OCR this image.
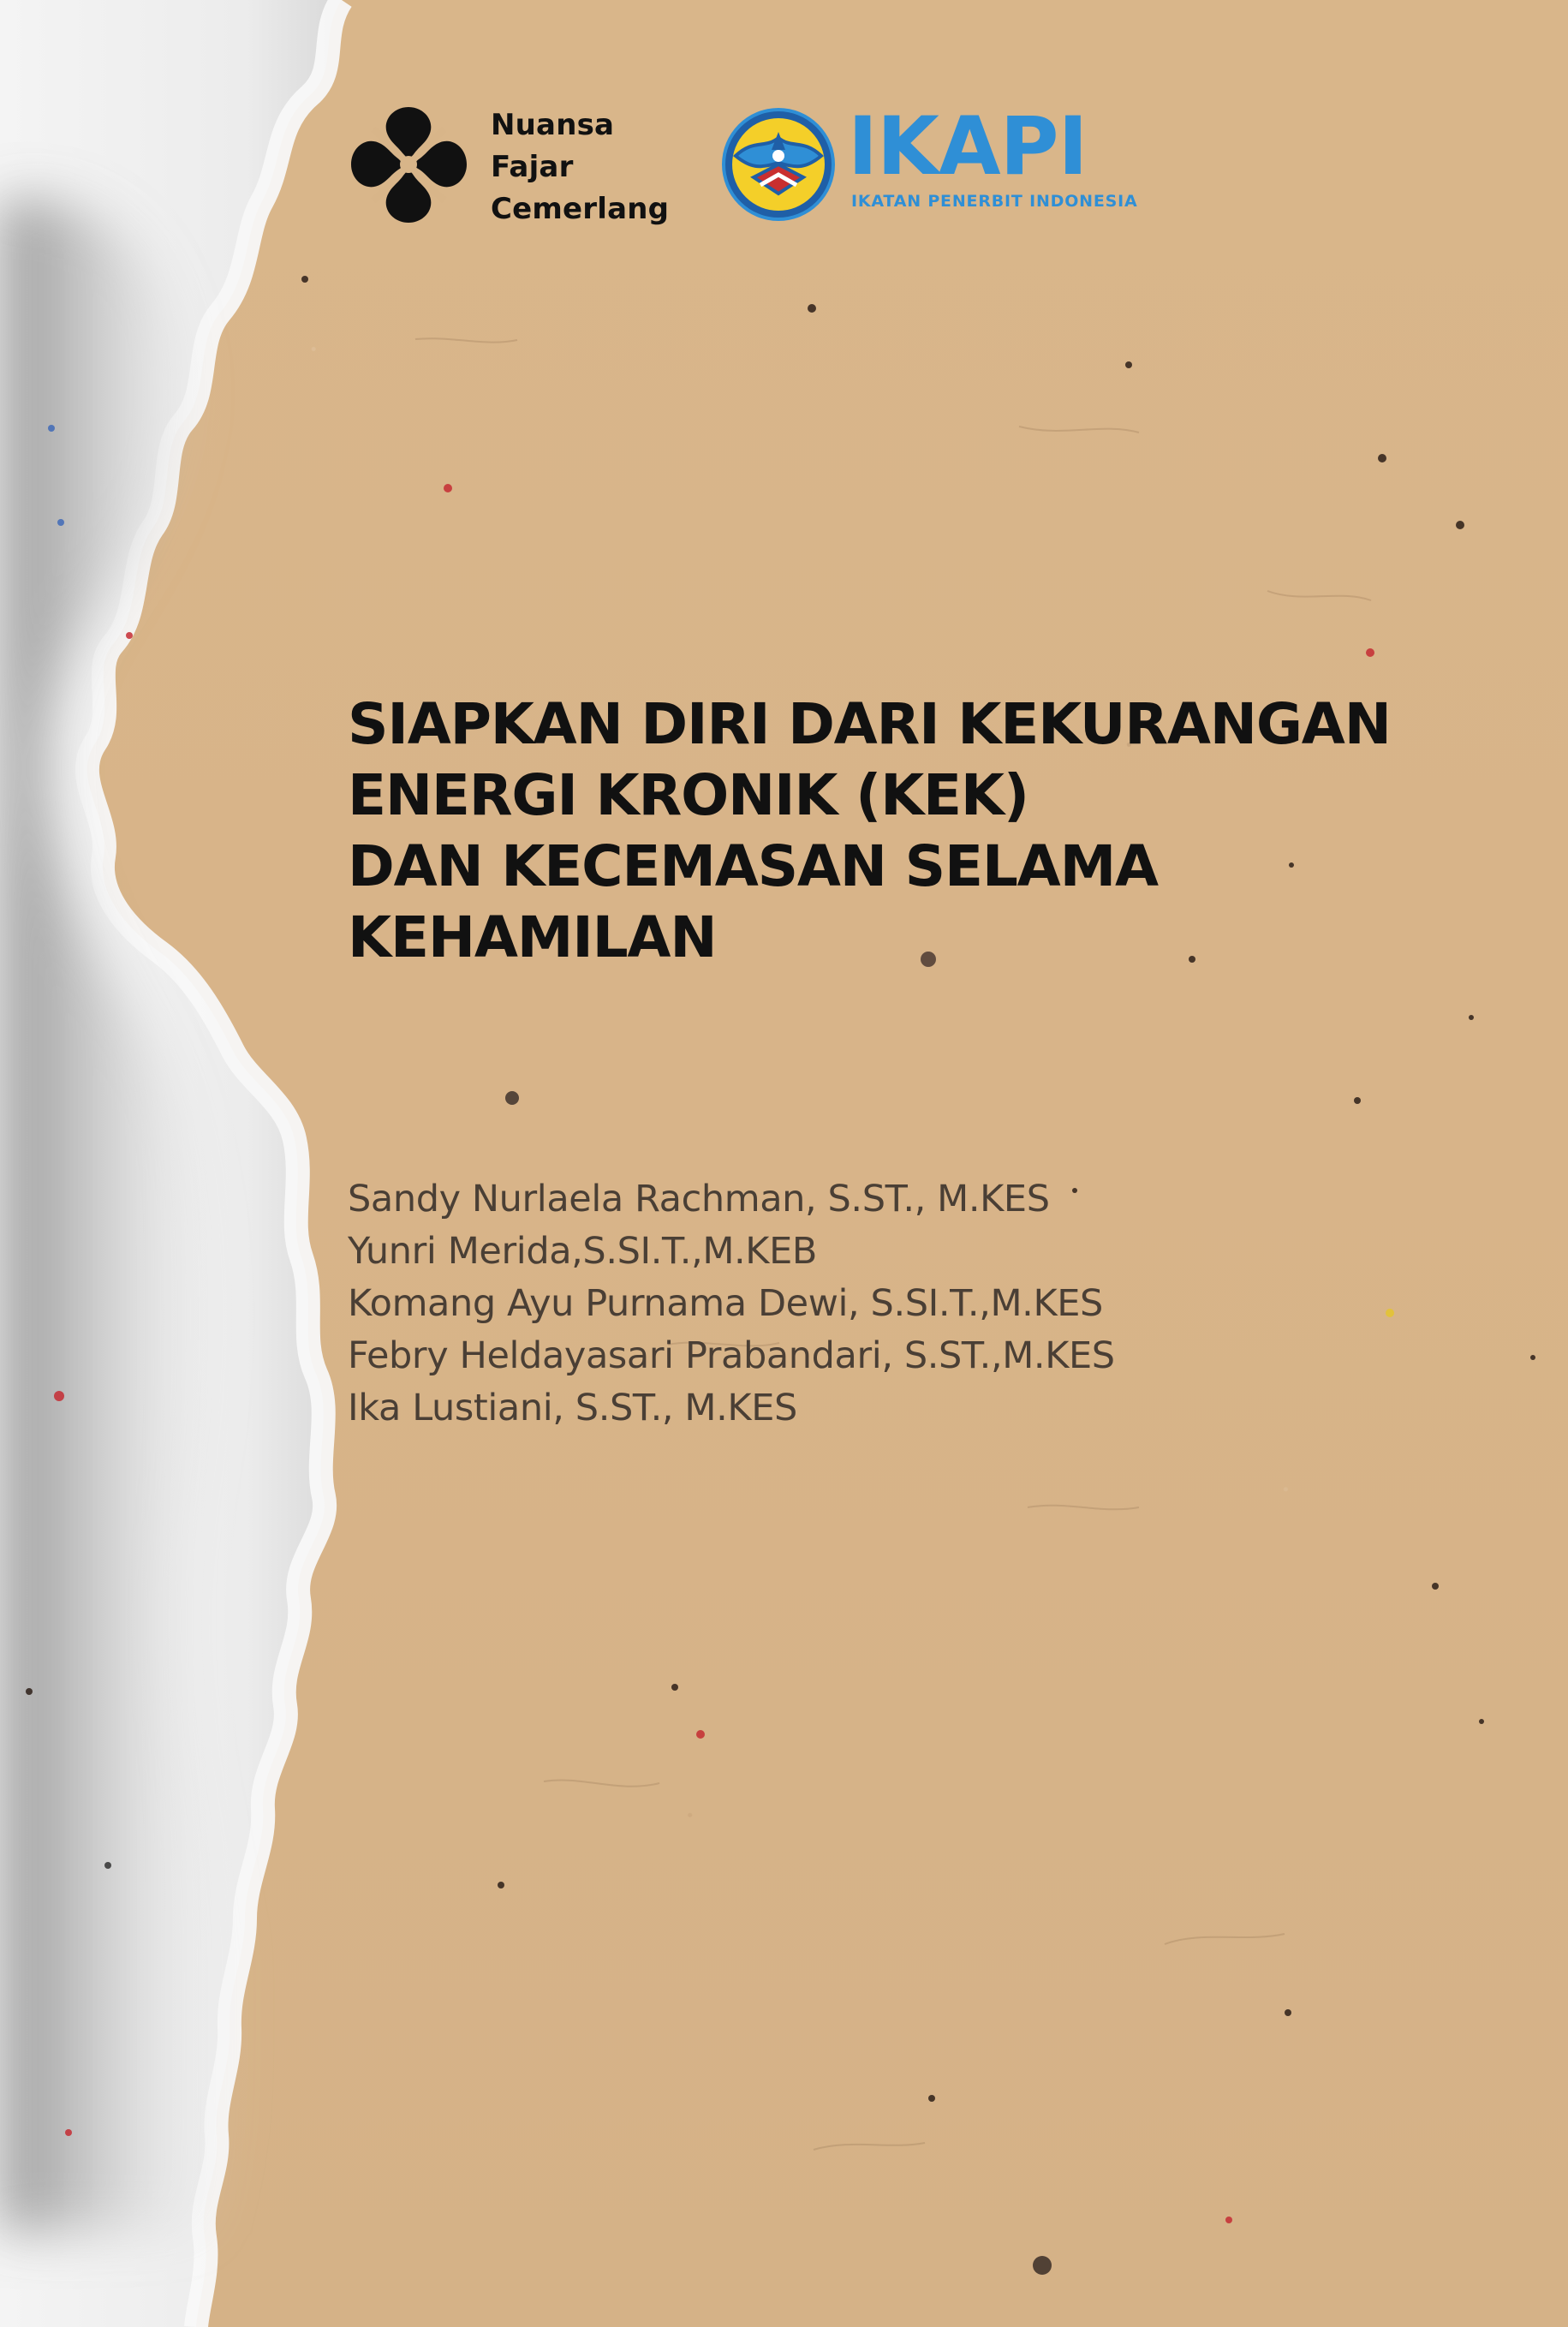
Nuansa
Fajar
Cemerlang
IKAPI
IKATAN PENERBIT INDONESIA
SIAPKAN DIRI DARI KEKURANGAN
ENERGI KRONIK (KEK)
DAN KECEMASAN SELAMA
KEHAMILAN
Sandy Nurlaela Rachman, S.ST., M.KES
Yunri Merida,S.SI.T.,M.KEB
Komang Ayu Purnama Dewi, S.SI.T.,M.KES
Febry Heldayasari Prabandari, S.ST.,M.KES
Ika Lustiani, S.ST., M.KES
